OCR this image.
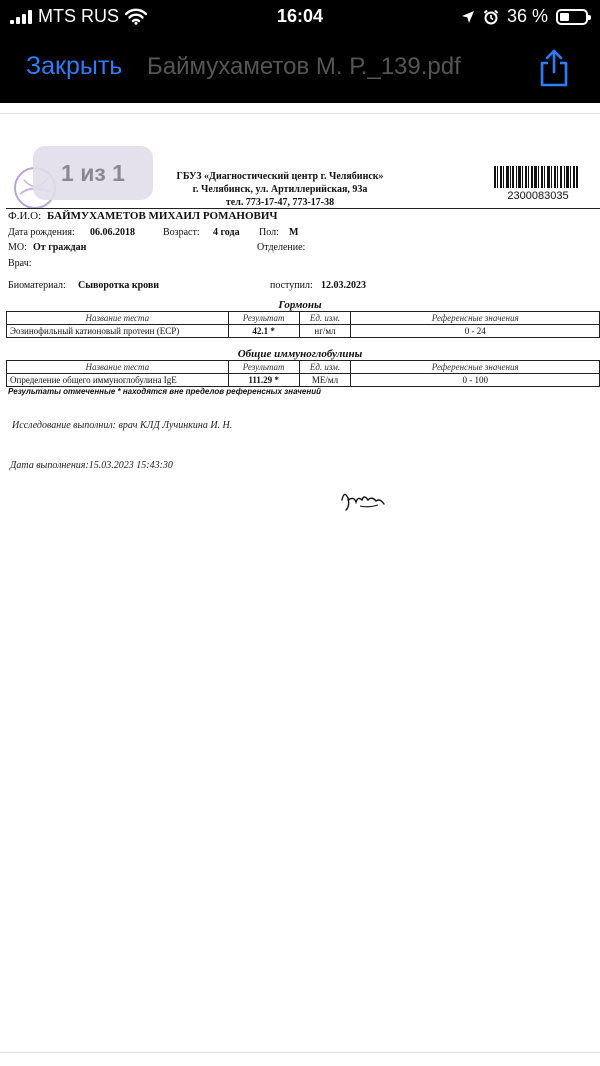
MTS RUS	16:04	36 %
Закрыть Баймухаметов М. Р._139.pdf
ГБУЗ «Диагностический центр г. Челябинск»
г. Челябинск, ул. Артиллерийская, 93а
тел. 773-17-47, 773-17-38
2300083035
Ф.И.О: БАЙМУХАМЕТОВ МИХАИЛ РОМАНОВИЧ
Дата рождения: 06.06.2018	Возраст: 4 года Пол: М
МО: От граждан	Отделение:
Врач:
Биоматериал: Сыворотка крови	поступил: 12.03.2023
Гормоны
Название теста	Результат	Ед. изм.	Референсные значения
Эозинофильный катионовый протеин (ECP)	42.1 *	нг/мл	0 - 24
Общие иммуноглобулины
Название теста	Результат	Ед. изм.	Референсные значения
Определение общего иммуноглобулина IgE	111.29 *	МЕ/мл	0 - 100
Результаты отмеченные * находятся вне пределов референсных значений
Исследование выполнил: врач КЛД Лучинкина И. Н.
Дата выполнения:15.03.2023 15:43:30
1 из 1
